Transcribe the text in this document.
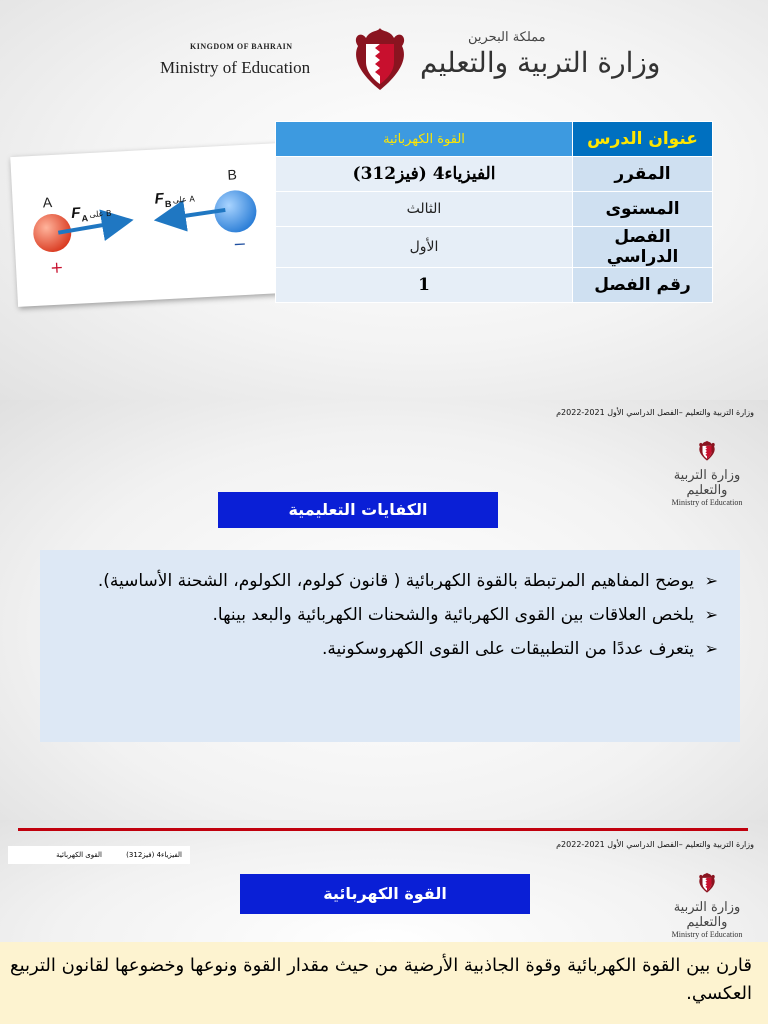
KINGDOM OF BAHRAIN
Ministry of Education
مملكة البحرين
وزارة التربية والتعليم
A
B
F A على B
F B على A
+
−
عنوان الدرس	القوة الكهربائية
المقرر	الفيزياء4 (فيز312)
المستوى	الثالث
الفصل الدراسي	الأول
رقم الفصل	1
وزارة التربية والتعليم –الفصل الدراسي الأول 2021-2022م
وزارة التربية والتعليم
Ministry of Education
الكفايات التعليمية
➢
يوضح المفاهيم المرتبطة بالقوة الكهربائية ( قانون كولوم، الكولوم، الشحنة الأساسية).
➢
يلخص العلاقات بين القوى الكهربائية والشحنات الكهربائية والبعد بينها.
➢
يتعرف عددًا من التطبيقات على القوى الكهروسكونية.
وزارة التربية والتعليم –الفصل الدراسي الأول 2021-2022م
الفيزياء4 (فيز312)
القوى الكهربائية
وزارة التربية والتعليم
Ministry of Education
القوة الكهربائية

قارن بين القوة الكهربائية وقوة الجاذبية الأرضية من حيث مقدار القوة ونوعها وخضوعها لقانون التربيع العكسي.
